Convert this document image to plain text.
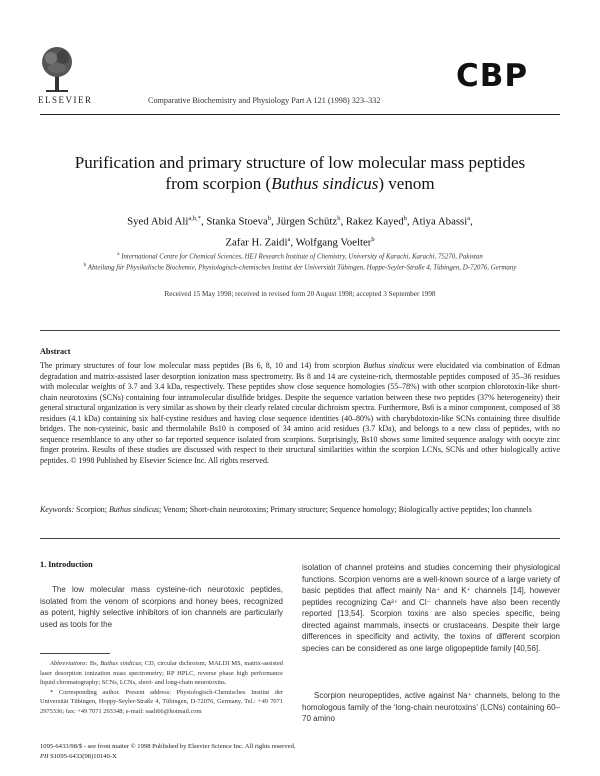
ELSEVIER	Comparative Biochemistry and Physiology Part A 121 (1998) 323–332
CBP
Purification and primary structure of low molecular mass peptides
from scorpion (Buthus sindicus) venom
Syed Abid Ali$^{a,b,*}$, Stanka Stoeva$^b$, Jürgen Schütz$^b$, Rakez Kayed$^b$, Atiya Abassi$^a$,
Zafar H. Zaidi$^a$, Wolfgang Voelter$^b$
$^a$ International Centre for Chemical Sciences, HEJ Research Institute of Chemistry, University of Karachi, Karachi, 75270, Pakistan
$^b$ Abteilung für Physikalische Biochemie, Physiologisch-chemisches Institut der Universität Tübingen, Hoppe-Seyler-Straße 4, Tübingen, D-72076, Germany
Received 15 May 1998; received in revised form 20 August 1998; accepted 3 September 1998
Abstract
The primary structures of four low molecular mass peptides (Bs 6, 8, 10 and 14) from scorpion Buthus sindicus were elucidated via combination of Edman degradation and matrix-assisted laser desorption ionization mass spectrometry. Bs 8 and 14 are cysteine-rich, thermostable peptides composed of 35–36 residues with molecular weights of 3.7 and 3.4 kDa, respectively. These peptides show close sequence homologies (55–78%) with other scorpion chlorotoxin-like short-chain neurotoxins (SCNs) containing four intramolecular disulfide bridges. Despite the sequence variation between these two peptides (37% heterogeneity) their general structural organization is very similar as shown by their clearly related circular dichroism spectra. Furthermore, Bs6 is a minor component, composed of 38 residues (4.1 kDa) containing six half-cystine residues and having close sequence identities (40–80%) with charybdotoxin-like SCNs containing three disulfide bridges. The non-cysteinic, basic and thermolabile Bs10 is composed of 34 amino acid residues (3.7 kDa), and belongs to a new class of peptides, with no sequence resemblance to any other so far reported sequence isolated from scorpions. Surprisingly, Bs10 shows some limited sequence analogy with oocyte zinc finger proteins. Results of these studies are discussed with respect to their structural similarities within the scorpion LCNs, SCNs and other biologically active peptides. © 1998 Published by Elsevier Science Inc. All rights reserved.
Keywords: Scorpion; Buthus sindicus; Venom; Short-chain neurotoxins; Primary structure; Sequence homology; Biologically active peptides; Ion channels
1. Introduction
The low molecular mass cysteine-rich neurotoxic peptides, isolated from the venom of scorpions and honey bees, recognized as potent, highly selective inhibitors of ion channels are particularly used as tools for the
isolation of channel proteins and studies concerning their physiological functions. Scorpion venoms are a well-known source of a large variety of basic peptides that affect mainly Na⁺ and K⁺ channels [14], however peptides recognizing Ca²⁺ and Cl⁻ channels have also been recently reported [13,54]. Scorpion toxins are also species specific, being directed against mammals, insects or crustaceans. Despite their large differences in specificity and activity, the toxins of different scorpion species can be considered as one large oligopeptide family [40,56].
Scorpion neuropeptides, active against Na⁺ channels, belong to the homologous family of the ‘long-chain neurotoxins’ (LCNs) containing 60–70 amino
Abbreviations: Bs, Buthus sindicus; CD, circular dichroism; MALDI MS, matrix-assisted laser desorption ionization mass spectrometry; RP HPLC, reverse phase high performance liquid chromatography; SCNs, LCNs, short- and long-chain neurotoxins.
* Corresponding author. Present address: Physiologisch-Chemisches Institut der Universität Tübingen, Hoppy-Seyler-Straße 4, Tübingen, D-72076, Germany. Tel.: +49 7071 2975336; fax: +49 7071 293348; e-mail: saali66@hotmail.com
1095-6433/98/$ - see front matter © 1998 Published by Elsevier Science Inc. All rights reserved.
PII S1095-6433(98)10140-X
